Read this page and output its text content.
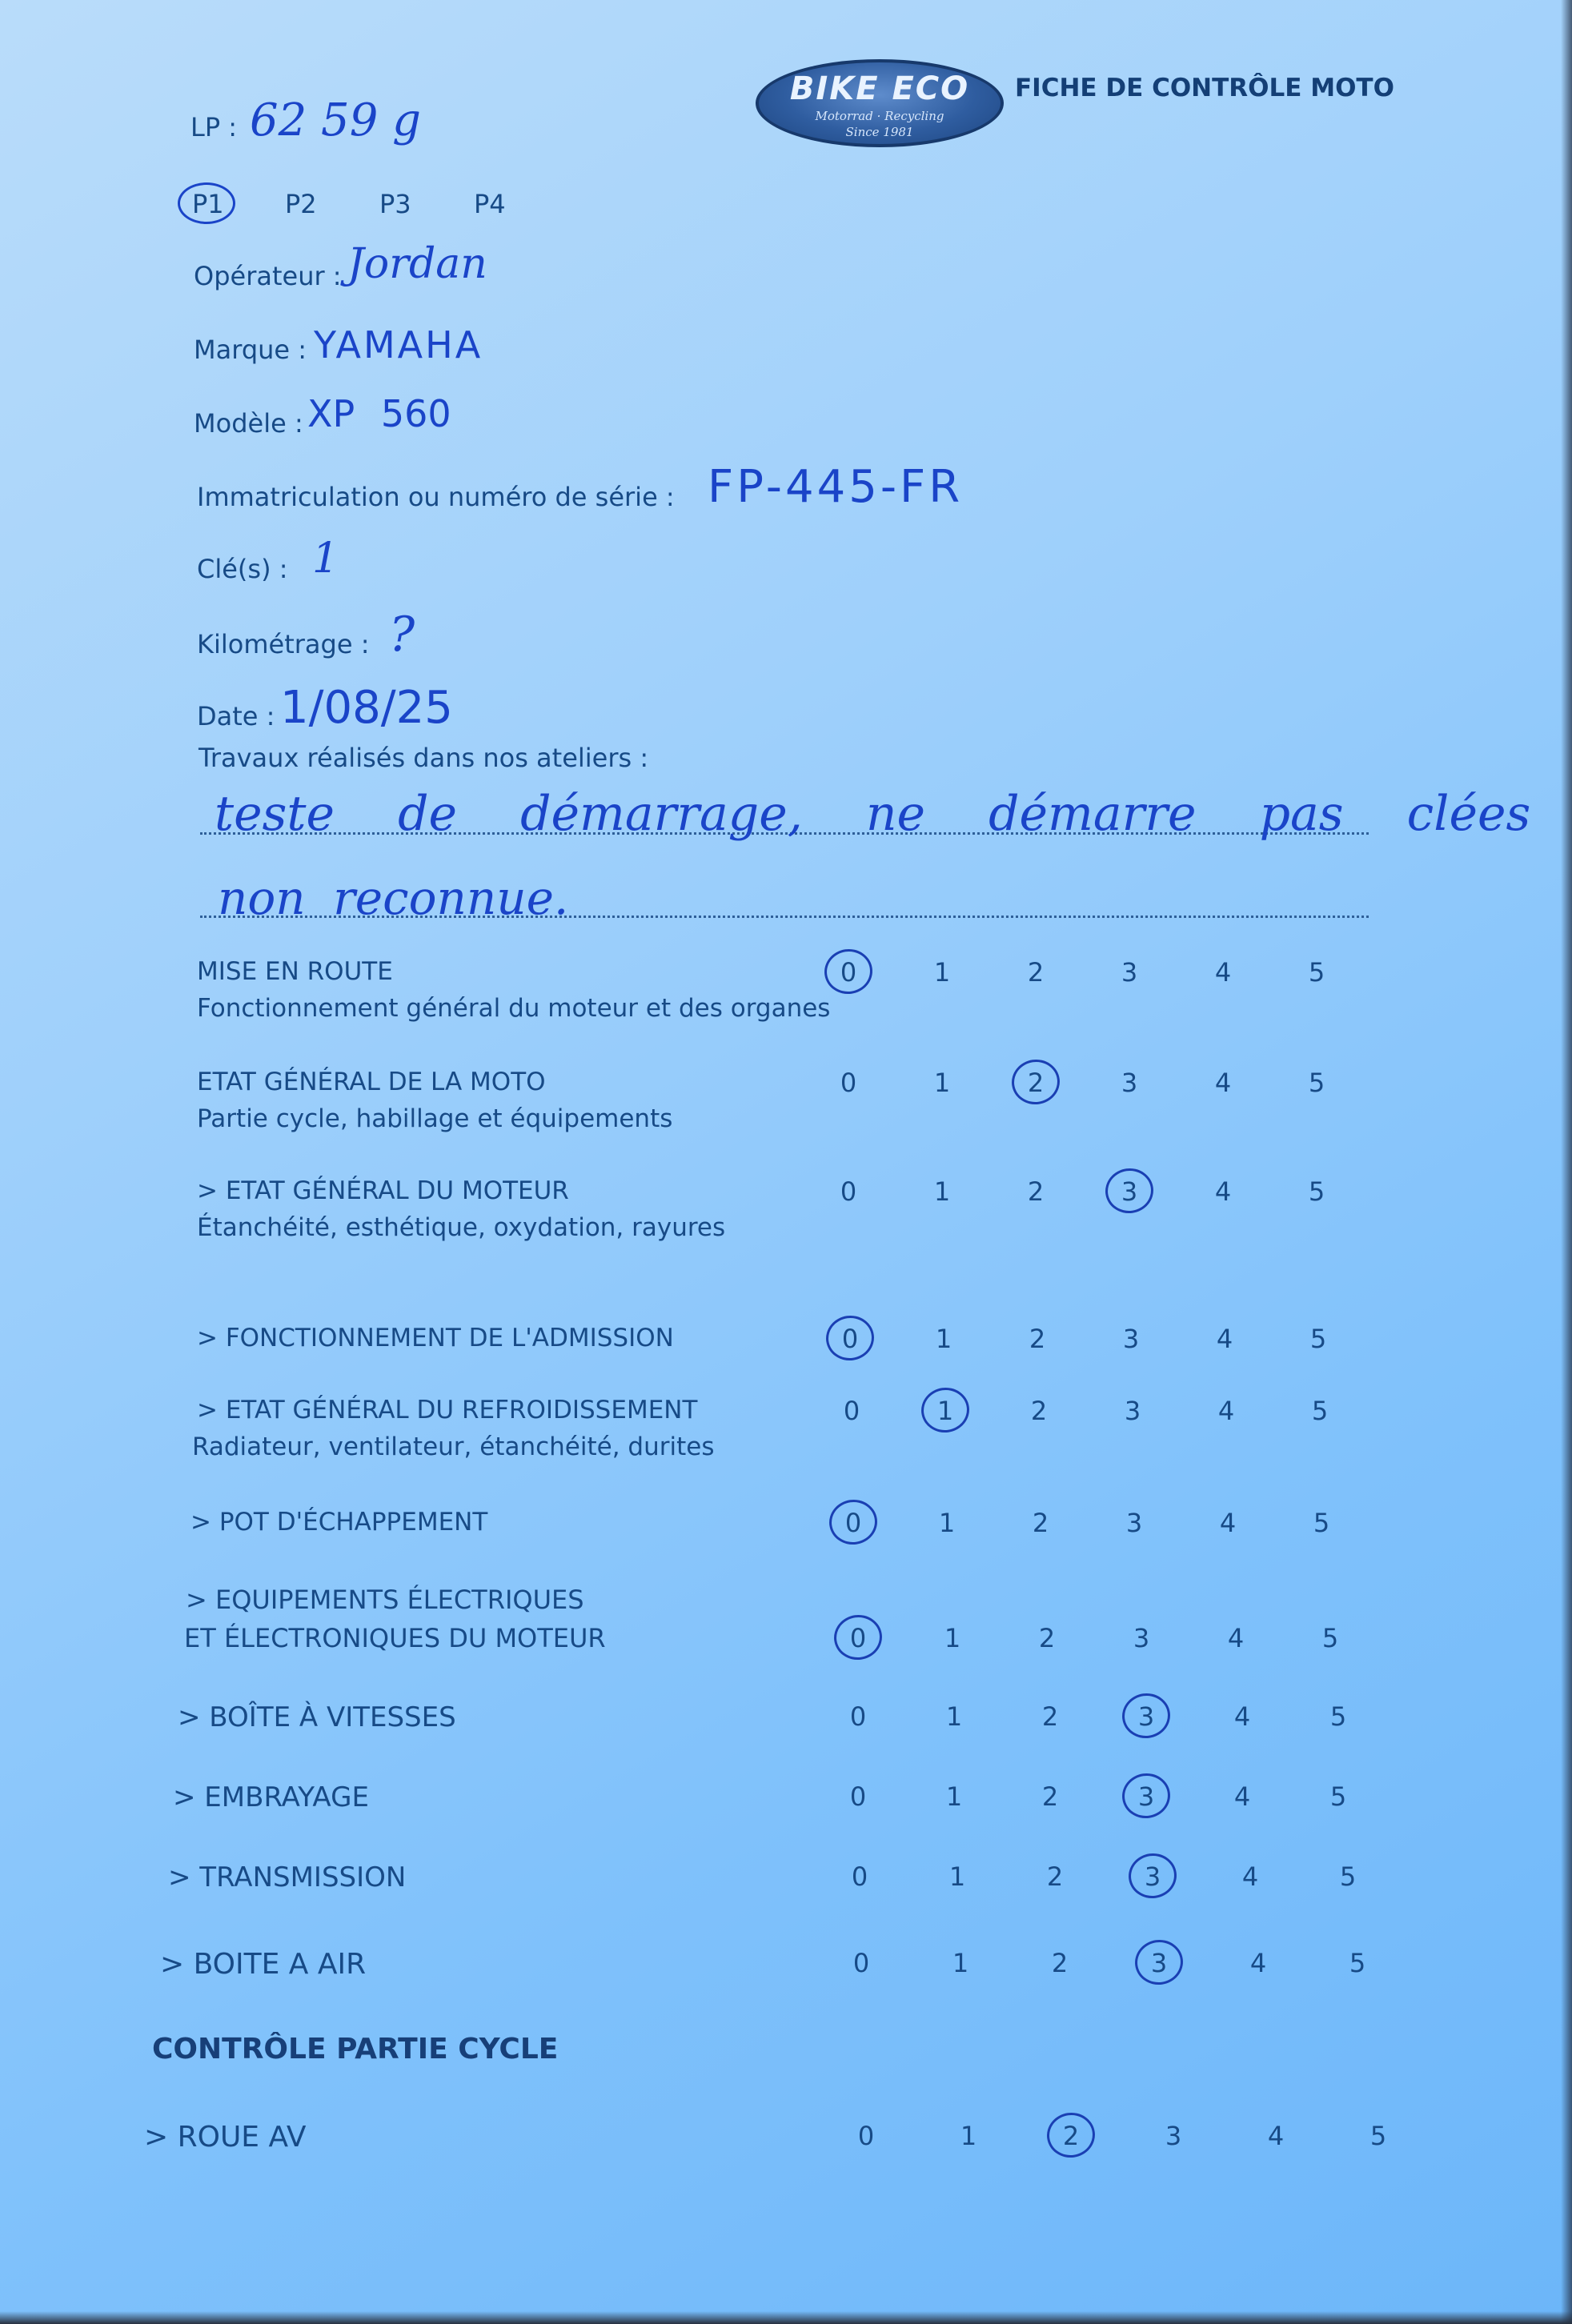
BIKE ECO
Motorrad · Recycling
Since 1981
FICHE DE CONTRÔLE MOTO
LP : 62 59 g
P1 P2 P3 P4
Opérateur : Jordan
Marque : YAMAHA
Modèle : XP 560
Immatriculation ou numéro de série : FP-445-FR
Clé(s) : 1
Kilométrage : ?
Date : 1/08/25
Travaux réalisés dans nos ateliers :
teste de démarrage, ne démarre pas clées
non reconnue.
MISE EN ROUTE
Fonctionnement général du moteur et des organes
0	1	2	3	4	5
ETAT GÉNÉRAL DE LA MOTO
Partie cycle, habillage et équipements
0	1	2	3	4	5
> ETAT GÉNÉRAL DU MOTEUR
Étanchéité, esthétique, oxydation, rayures
0	1	2	3	4	5
> FONCTIONNEMENT DE L'ADMISSION	0	1	2	3	4	5
> ETAT GÉNÉRAL DU REFROIDISSEMENT
Radiateur, ventilateur, étanchéité, durites
0	1	2	3	4	5
> POT D'ÉCHAPPEMENT	0	1	2	3	4	5
> EQUIPEMENTS ÉLECTRIQUES
ET ÉLECTRONIQUES DU MOTEUR	0	1	2	3	4	5
> BOÎTE À VITESSES	0	1	2	3	4	5
> EMBRAYAGE	0	1	2	3	4	5
> TRANSMISSION	0	1	2	3	4	5
> BOITE A AIR	0	1	2	3	4	5
> ROUE AV	0	1	2	3	4	5
CONTRÔLE PARTIE CYCLE
